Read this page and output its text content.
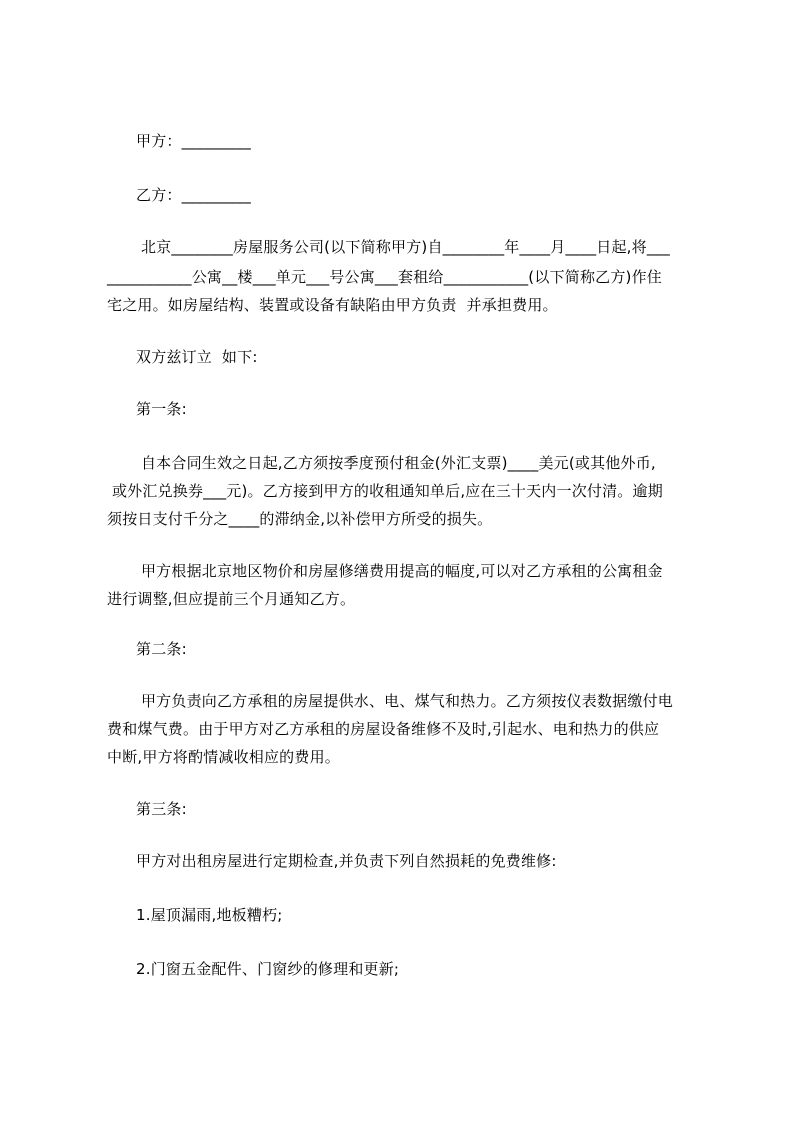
甲方：_________
乙方：_________
北京________房屋服务公司(以下简称甲方)自________年____月____日起,将___
___________公寓__楼___单元___号公寓___套租给___________(以下简称乙方)作住
宅之用。如房屋结构、装置或设备有缺陷由甲方负责  并承担费用。
双方兹订立  如下:
第一条:
自本合同生效之日起,乙方须按季度预付租金(外汇支票)____美元(或其他外币,
或外汇兑换券___元)。乙方接到甲方的收租通知单后,应在三十天内一次付清。逾期
须按日支付千分之____的滞纳金,以补偿甲方所受的损失。
甲方根据北京地区物价和房屋修缮费用提高的幅度,可以对乙方承租的公寓租金
进行调整,但应提前三个月通知乙方。
第二条:
甲方负责向乙方承租的房屋提供水、电、煤气和热力。乙方须按仪表数据缴付电
费和煤气费。由于甲方对乙方承租的房屋设备维修不及时,引起水、电和热力的供应
中断,甲方将酌情减收相应的费用。
第三条:
甲方对出租房屋进行定期检查,并负责下列自然损耗的免费维修:
1.屋顶漏雨,地板糟朽;
2.门窗五金配件、门窗纱的修理和更新;
